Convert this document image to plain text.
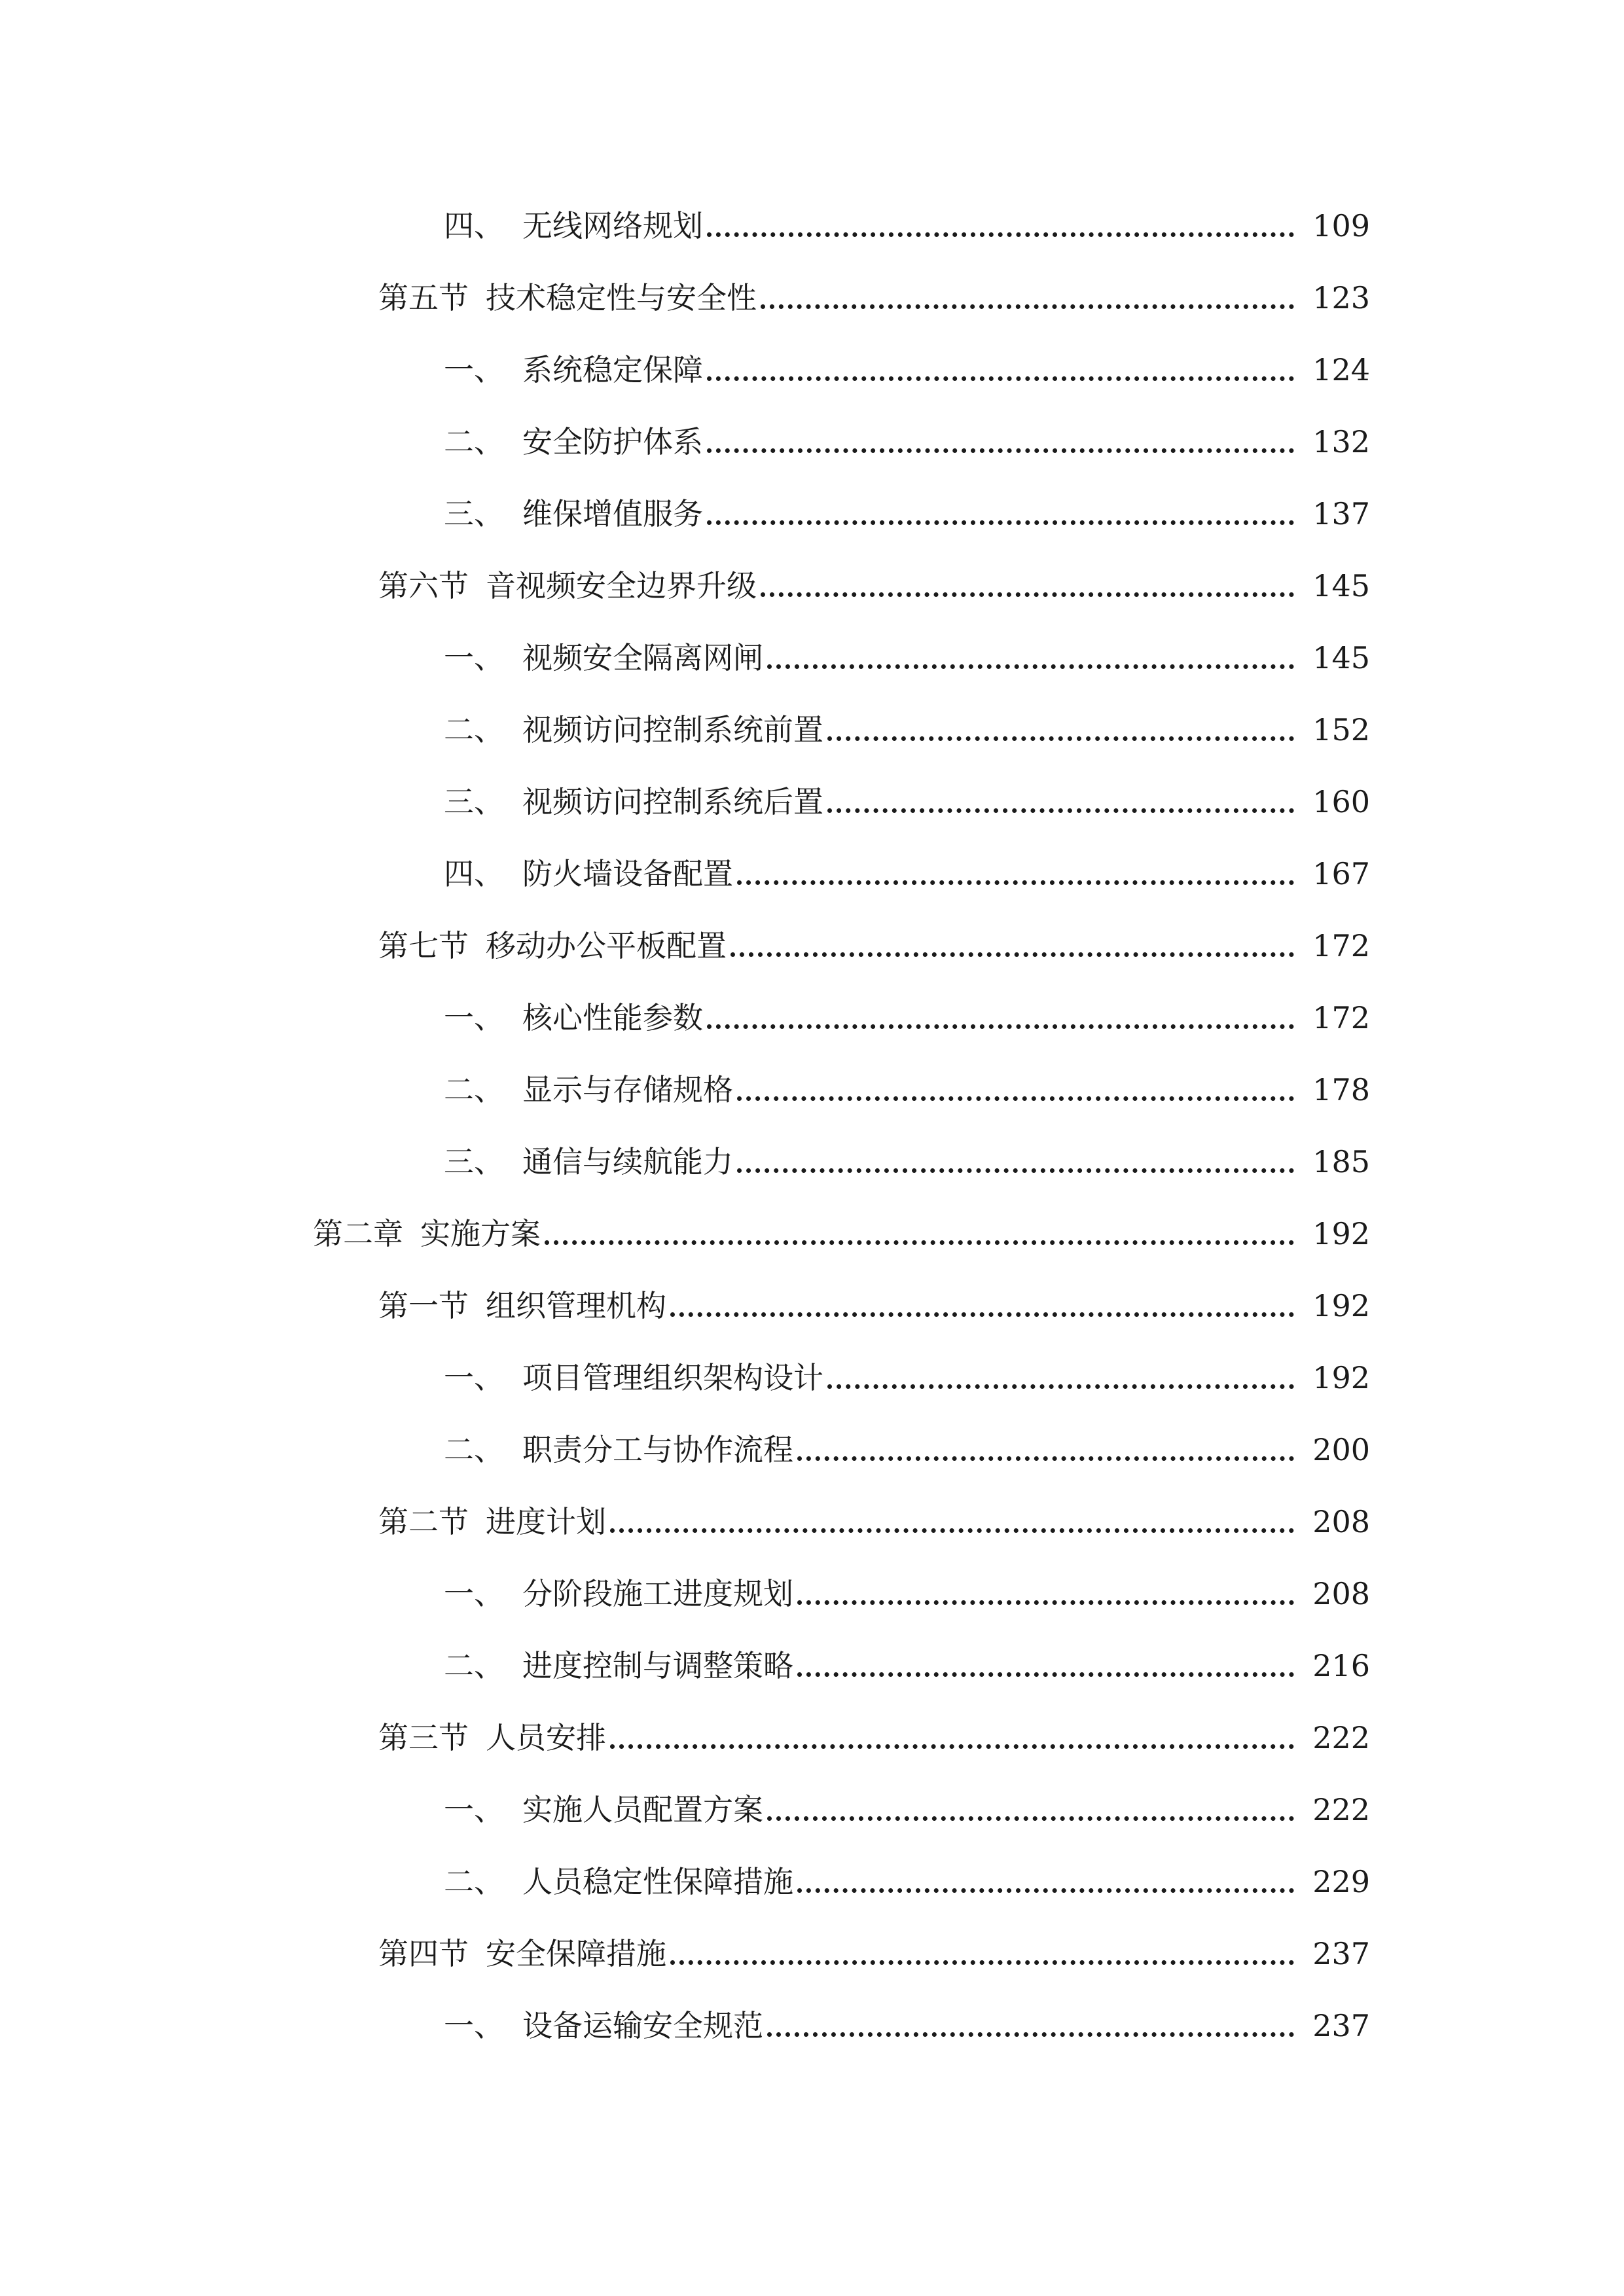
四、 无线网络规划	109
第五节 技术稳定性与安全性	123
一、 系统稳定保障	124
二、 安全防护体系	132
三、 维保增值服务	137
第六节 音视频安全边界升级	145
一、 视频安全隔离网闸	145
二、 视频访问控制系统前置	152
三、 视频访问控制系统后置	160
四、 防火墙设备配置	167
第七节 移动办公平板配置	172
一、 核心性能参数	172
二、 显示与存储规格	178
三、 通信与续航能力	185
第二章 实施方案	192
第一节 组织管理机构	192
一、 项目管理组织架构设计	192
二、 职责分工与协作流程	200
第二节 进度计划	208
一、 分阶段施工进度规划	208
二、 进度控制与调整策略	216
第三节 人员安排	222
一、 实施人员配置方案	222
二、 人员稳定性保障措施	229
第四节 安全保障措施	237
一、 设备运输安全规范	237
